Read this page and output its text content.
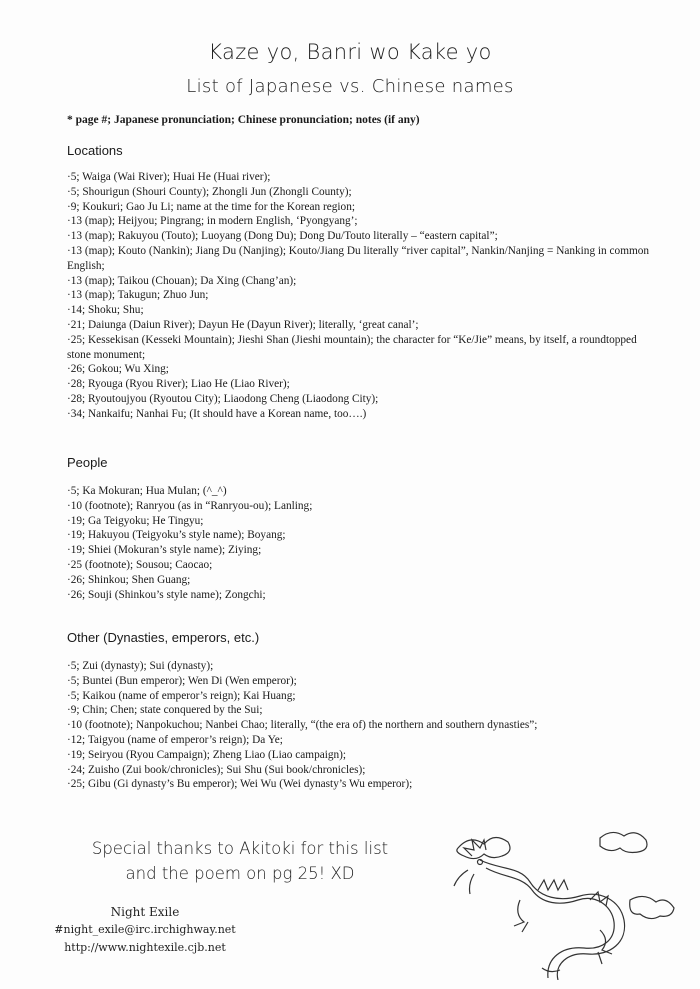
Kaze yo, Banri wo Kake yo
List of Japanese vs. Chinese names
* page #; Japanese pronunciation; Chinese pronunciation; notes (if any)
Locations
·5; Waiga (Wai River); Huai He (Huai river);
·5; Shourigun (Shouri County); Zhongli Jun (Zhongli County);
·9; Koukuri; Gao Ju Li; name at the time for the Korean region;
·13 (map); Heijyou; Pingrang; in modern English, ‘Pyongyang’;
·13 (map); Rakuyou (Touto); Luoyang (Dong Du); Dong Du/Touto literally – “eastern capital”;
·13 (map); Kouto (Nankin); Jiang Du (Nanjing); Kouto/Jiang Du literally “river capital”, Nankin/Nanjing = Nanking in common English;
·13 (map); Taikou (Chouan); Da Xing (Chang’an);
·13 (map); Takugun; Zhuo Jun;
·14; Shoku; Shu;
·21; Daiunga (Daiun River); Dayun He (Dayun River); literally, ‘great canal’;
·25; Kessekisan (Kesseki Mountain); Jieshi Shan (Jieshi mountain); the character for “Ke/Jie” means, by itself, a roundtopped stone monument;
·26; Gokou; Wu Xing;
·28; Ryouga (Ryou River); Liao He (Liao River);
·28; Ryoutoujyou (Ryoutou City); Liaodong Cheng (Liaodong City);
·34; Nankaifu; Nanhai Fu; (It should have a Korean name, too….)
People
·5; Ka Mokuran; Hua Mulan; (^_^)
·10 (footnote); Ranryou (as in “Ranryou-ou); Lanling;
·19; Ga Teigyoku; He Tingyu;
·19; Hakuyou (Teigyoku’s style name); Boyang;
·19; Shiei (Mokuran’s style name); Ziying;
·25 (footnote); Sousou; Caocao;
·26; Shinkou; Shen Guang;
·26; Souji (Shinkou’s style name); Zongchi;
Other (Dynasties, emperors, etc.)
·5; Zui (dynasty); Sui (dynasty);
·5; Buntei (Bun emperor); Wen Di (Wen emperor);
·5; Kaikou (name of emperor’s reign); Kai Huang;
·9; Chin; Chen; state conquered by the Sui;
·10 (footnote); Nanpokuchou; Nanbei Chao; literally, “(the era of) the northern and southern dynasties”;
·12; Taigyou (name of emperor’s reign); Da Ye;
·19; Seiryou (Ryou Campaign); Zheng Liao (Liao campaign);
·24; Zuisho (Zui book/chronicles); Sui Shu (Sui book/chronicles);
·25; Gibu (Gi dynasty’s Bu emperor); Wei Wu (Wei dynasty’s Wu emperor);
Special thanks to Akitoki for this list
and the poem on pg 25! XD
Night Exile
#night_exile@irc.irchighway.net
http://www.nightexile.cjb.net
